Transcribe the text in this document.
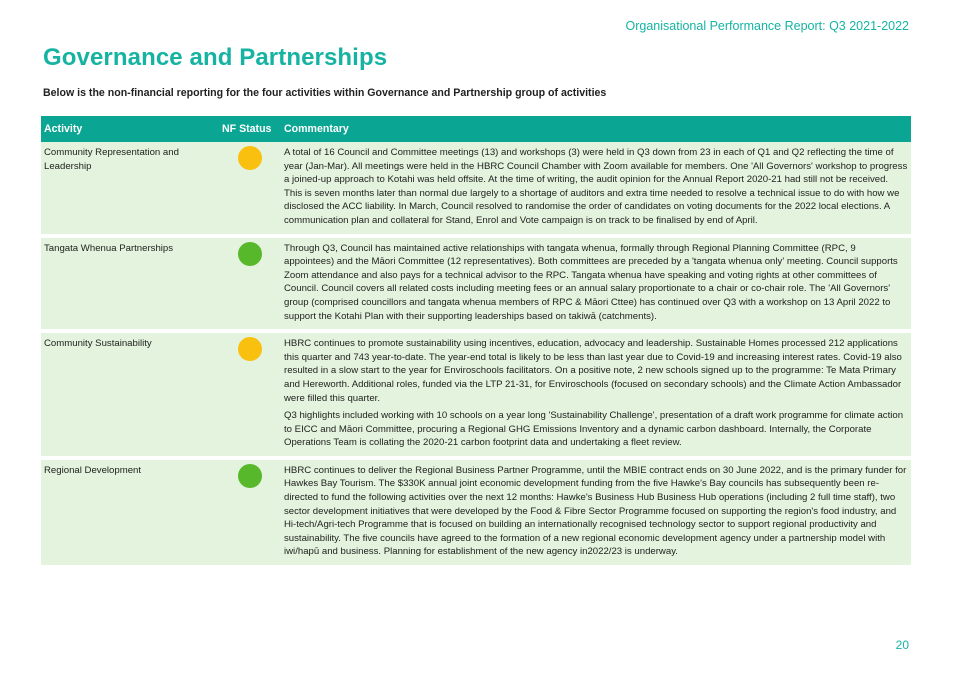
Organisational Performance Report: Q3 2021-2022
Governance and Partnerships

Below is the non-financial reporting for the four activities within Governance and Partnership group of activities

Activity	NF Status	Commentary
Community Representation and Leadership		A total of 16 Council and Committee meetings (13) and workshops (3) were held in Q3 down from 23 in each of Q1 and Q2 reflecting the time of year (Jan-Mar). All meetings were held in the HBRC Council Chamber with Zoom available for members. One 'All Governors' workshop to progress a joined-up approach to Kotahi was held offsite. At the time of writing, the audit opinion for the Annual Report 2020-21 had still not be received. This is seven months later than normal due largely to a shortage of auditors and extra time needed to resolve a technical issue to do with how we disclosed the ACC liability. In March, Council resolved to randomise the order of candidates on voting documents for the 2022 local elections. A communication plan and collateral for Stand, Enrol and Vote campaign is on track to be finalised by end of April.

Tangata Whenua Partnerships		Through Q3, Council has maintained active relationships with tangata whenua, formally through Regional Planning Committee (RPC, 9 appointees) and the Māori Committee (12 representatives). Both committees are preceded by a 'tangata whenua only' meeting. Council supports Zoom attendance and also pays for a technical advisor to the RPC. Tangata whenua have speaking and voting rights at other committees of Council. Council covers all related costs including meeting fees or an annual salary proportionate to a chair or co-chair role. The 'All Governors' group (comprised councillors and tangata whenua members of RPC & Māori Cttee) has continued over Q3 with a workshop on 13 April 2022 to support the Kotahi Plan with their supporting leaderships based on takiwā (catchments).

Community Sustainability		HBRC continues to promote sustainability using incentives, education, advocacy and leadership. Sustainable Homes processed 212 applications this quarter and 743 year-to-date. The year-end total is likely to be less than last year due to Covid-19 and increasing interest rates. Covid-19 also resulted in a slow start to the year for Enviroschools facilitators. On a positive note, 2 new schools signed up to the programme: Te Mata Primary and Hereworth. Additional roles, funded via the LTP 21-31, for Enviroschools (focused on secondary schools) and the Climate Action Ambassador were filled this quarter.

Q3 highlights included working with 10 schools on a year long 'Sustainability Challenge', presentation of a draft work programme for climate action to EICC and Māori Committee, procuring a Regional GHG Emissions Inventory and a dynamic carbon dashboard. Internally, the Corporate Operations Team is collating the 2020-21 carbon footprint data and undertaking a fleet review.

Regional Development		HBRC continues to deliver the Regional Business Partner Programme, until the MBIE contract ends on 30 June 2022, and is the primary funder for Hawkes Bay Tourism. The $330K annual joint economic development funding from the five Hawke's Bay councils has subsequently been re-directed to fund the following activities over the next 12 months: Hawke's Business Hub Business Hub operations (including 2 full time staff), two sector development initiatives that were developed by the Food & Fibre Sector Programme focused on supporting the region's food industry, and Hi-tech/Agri-tech Programme that is focused on building an internationally recognised technology sector to support regional productivity and sustainability. The five councils have agreed to the formation of a new regional economic development agency under a partnership model with iwi/hapū and business. Planning for establishment of the new agency in2022/23 is underway.

20
